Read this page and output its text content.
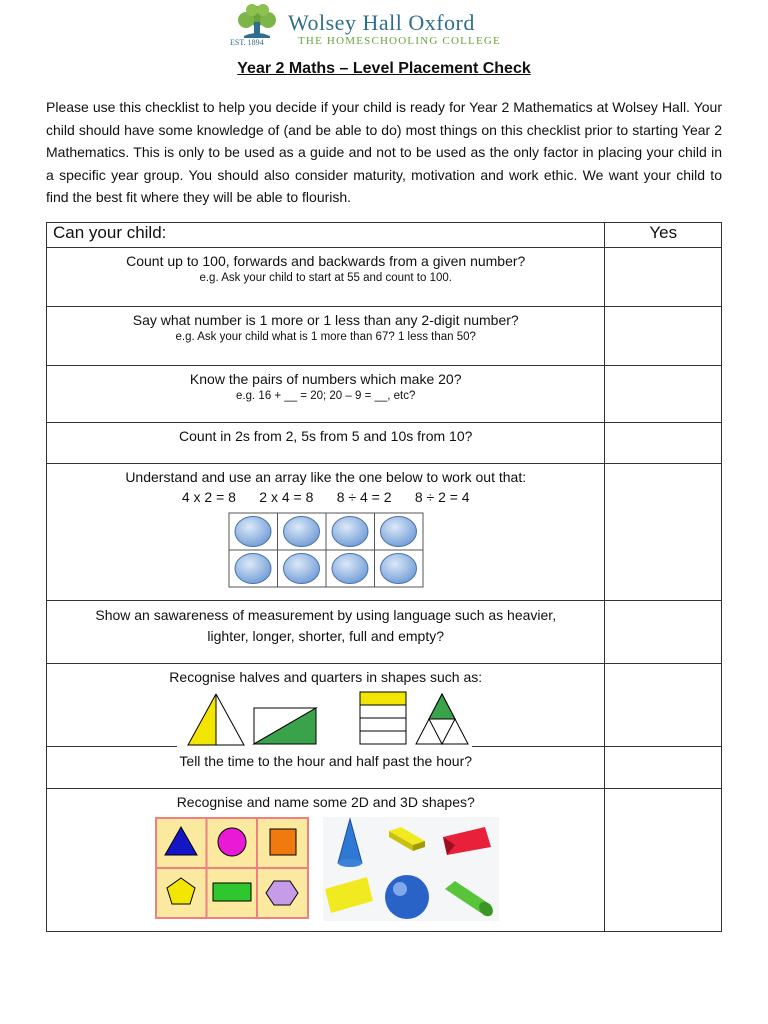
EST. 1894
Wolsey Hall Oxford
THE HOMESCHOOLING COLLEGE
Year 2 Maths – Level Placement Check
Please use this checklist to help you decide if your child is ready for Year 2 Mathematics at Wolsey Hall. Your child should have some knowledge of (and be able to do) most things on this checklist prior to starting Year 2 Mathematics. This is only to be used as a guide and not to be used as the only factor in placing your child in a specific year group. You should also consider maturity, motivation and work ethic. We want your child to find the best fit where they will be able to flourish.
Can your child:	Yes

Count up to 100, forwards and backwards from a given number?
e.g. Ask your child to start at 55 and count to 100.	

Say what number is 1 more or 1 less than any 2-digit number?
e.g. Ask your child what is 1 more than 67? 1 less than 50?	

Know the pairs of numbers which make 20?
e.g. 16 + __ = 20; 20 – 9 = __, etc?	

Count in 2s from 2, 5s from 5 and 10s from 10?	

Understand and use an array like the one below to work out that:
4 x 2 = 8      2 x 4 = 8      8 ÷ 4 = 2      8 ÷ 2 = 4	

Show an sawareness of measurement by using language such as heavier, lighter, longer, shorter, full and empty?	

Recognise halves and quarters in shapes such as:
Tell the time to the hour and half past the hour?	

Recognise and name some 2D and 3D shapes?	
